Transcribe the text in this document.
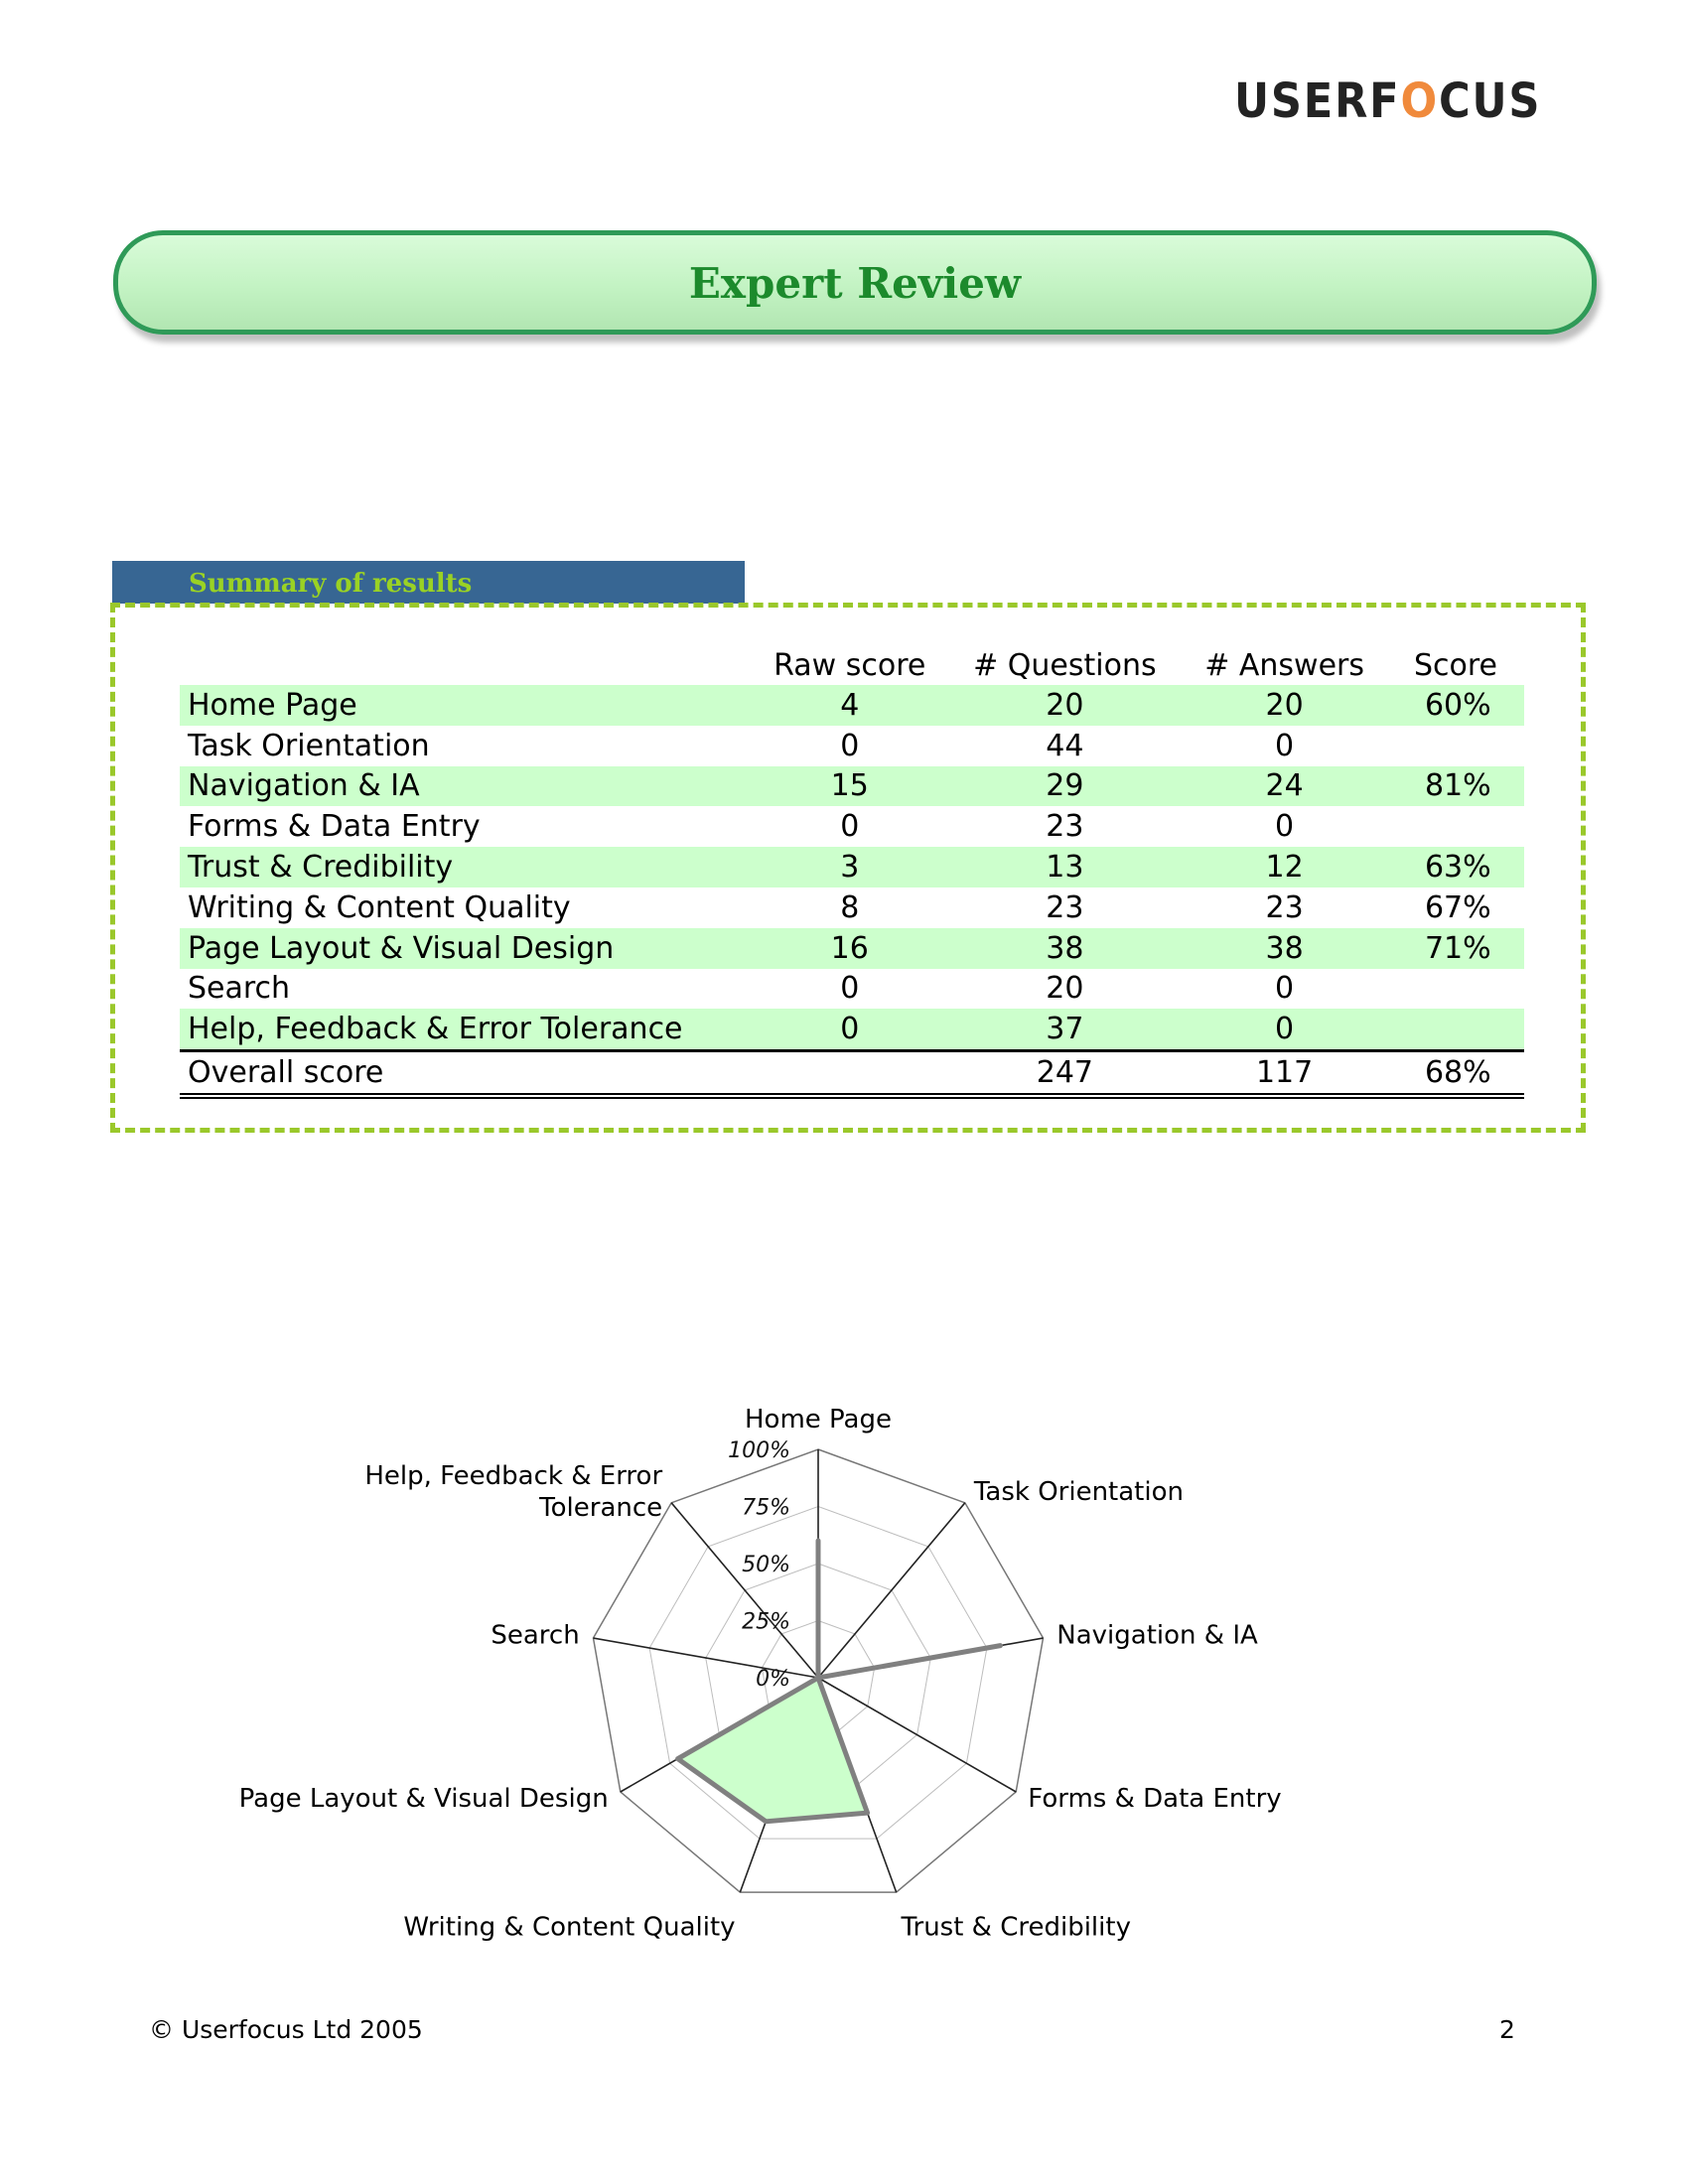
USERFOCUS
Expert Review
Summary of results
	Raw score	# Questions	# Answers	Score
Home Page	4	20	20	60%
Task Orientation	0	44	0	
Navigation & IA	15	29	24	81%
Forms & Data Entry	0	23	0	
Trust & Credibility	3	13	12	63%
Writing & Content Quality	8	23	23	67%
Page Layout & Visual Design	16	38	38	71%
Search	0	20	0	
Help, Feedback & Error Tolerance	0	37	0	
Overall score		247	117	68%
0%
25%
50%
75%
100%
Home Page
Task Orientation
Navigation & IA
Forms & Data Entry
Trust & Credibility
Writing & Content Quality
Page Layout & Visual Design
Search
Help, Feedback & Error
Tolerance
© Userfocus Ltd 2005	2
